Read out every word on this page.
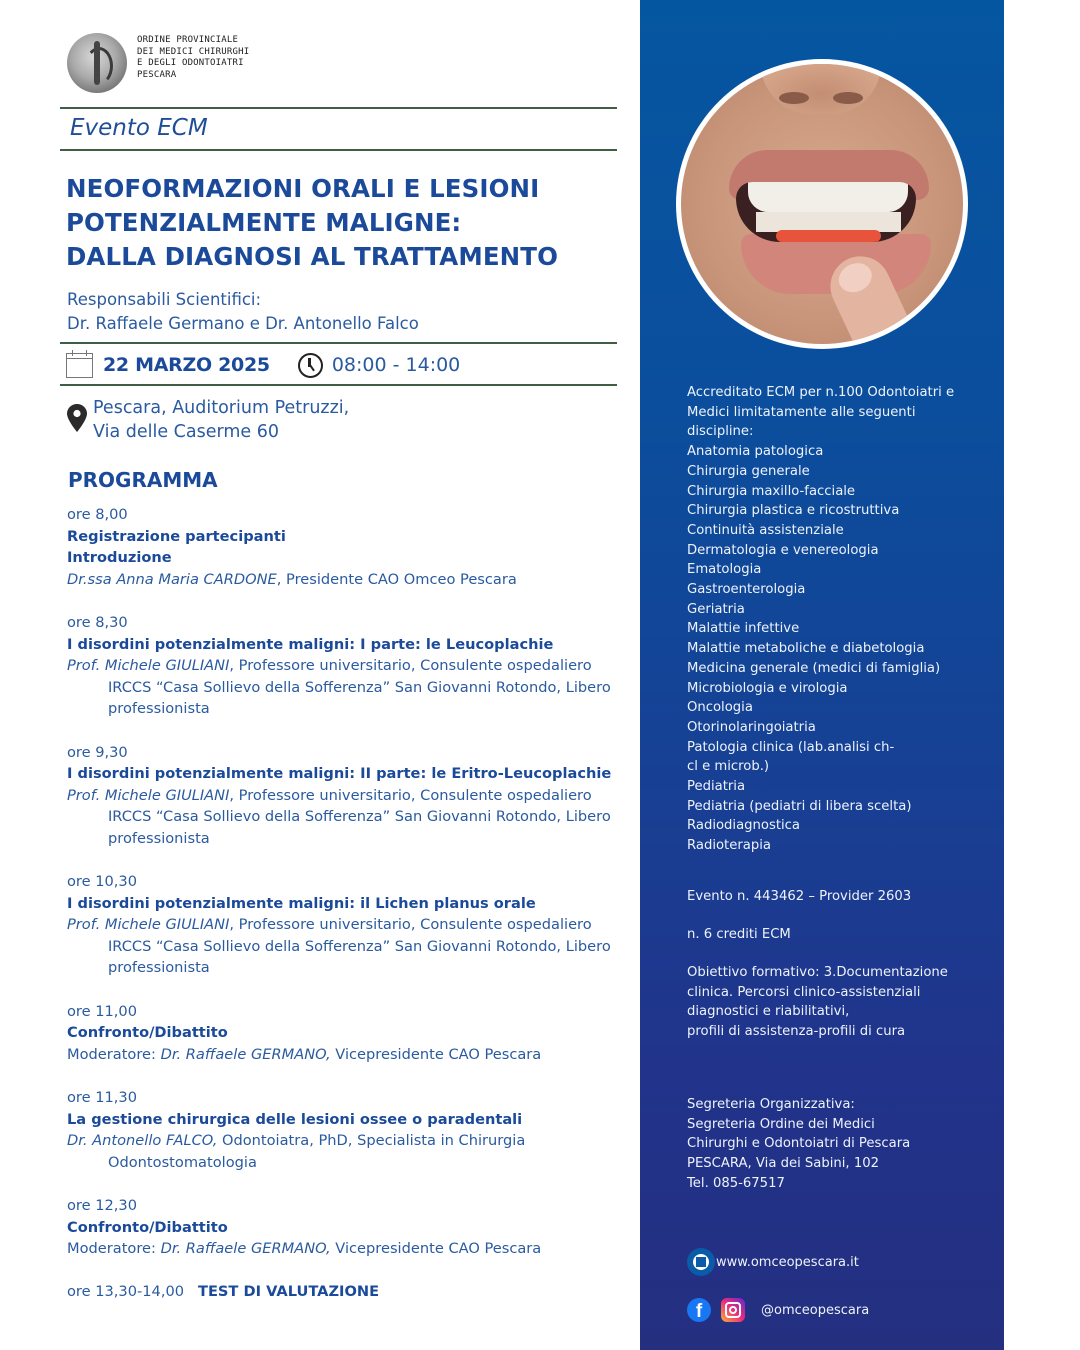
ORDINE PROVINCIALE
DEI MEDICI CHIRURGHI
E DEGLI ODONTOIATRI
PESCARA
Evento ECM
NEOFORMAZIONI ORALI E LESIONI
POTENZIALMENTE MALIGNE:
DALLA DIAGNOSI AL TRATTAMENTO
Responsabili Scientifici:
Dr. Raffaele Germano e Dr. Antonello Falco
22 MARZO 2025	08:00 - 14:00
Pescara, Auditorium Petruzzi,
Via delle Caserme 60
PROGRAMMA
ore 8,00
Registrazione partecipanti
Introduzione
Dr.ssa Anna Maria CARDONE, Presidente CAO Omceo Pescara
ore 8,30
I disordini potenzialmente maligni: I parte: le Leucoplachie
Prof. Michele GIULIANI, Professore universitario, Consulente ospedaliero IRCCS “Casa Sollievo della Sofferenza” San Giovanni Rotondo, Libero professionista
ore 9,30
I disordini potenzialmente maligni: II parte: le Eritro-Leucoplachie
Prof. Michele GIULIANI, Professore universitario, Consulente ospedaliero IRCCS “Casa Sollievo della Sofferenza” San Giovanni Rotondo, Libero professionista
ore 10,30
I disordini potenzialmente maligni: il Lichen planus orale
Prof. Michele GIULIANI, Professore universitario, Consulente ospedaliero IRCCS “Casa Sollievo della Sofferenza” San Giovanni Rotondo, Libero professionista
ore 11,00
Confronto/Dibattito
Moderatore: Dr. Raffaele GERMANO, Vicepresidente CAO Pescara
ore 11,30
La gestione chirurgica delle lesioni ossee o paradentali
Dr. Antonello FALCO, Odontoiatra, PhD, Specialista in Chirurgia Odontostomatologia
ore 12,30
Confronto/Dibattito
Moderatore: Dr. Raffaele GERMANO, Vicepresidente CAO Pescara
ore 13,30-14,00 TEST DI VALUTAZIONE
Accreditato ECM per n.100 Odontoiatri e
Medici limitatamente alle seguenti
discipline:
Anatomia patologica
Chirurgia generale
Chirurgia maxillo-facciale
Chirurgia plastica e ricostruttiva
Continuità assistenziale
Dermatologia e venereologia
Ematologia
Gastroenterologia
Geriatria
Malattie infettive
Malattie metaboliche e diabetologia
Medicina generale (medici di famiglia)
Microbiologia e virologia
Oncologia
Otorinolaringoiatria
Patologia clinica (lab.analisi ch-
cl e microb.)
Pediatria
Pediatria (pediatri di libera scelta)
Radiodiagnostica
Radioterapia
Evento n. 443462 – Provider 2603
n. 6 crediti ECM
Obiettivo formativo: 3.Documentazione
clinica. Percorsi clinico-assistenziali
diagnostici e riabilitativi,
profili di assistenza-profili di cura
Segreteria Organizzativa:
Segreteria Ordine dei Medici
Chirurghi e Odontoiatri di Pescara
PESCARA, Via dei Sabini, 102
Tel. 085-67517
www.omceopescara.it
f	@omceopescara
